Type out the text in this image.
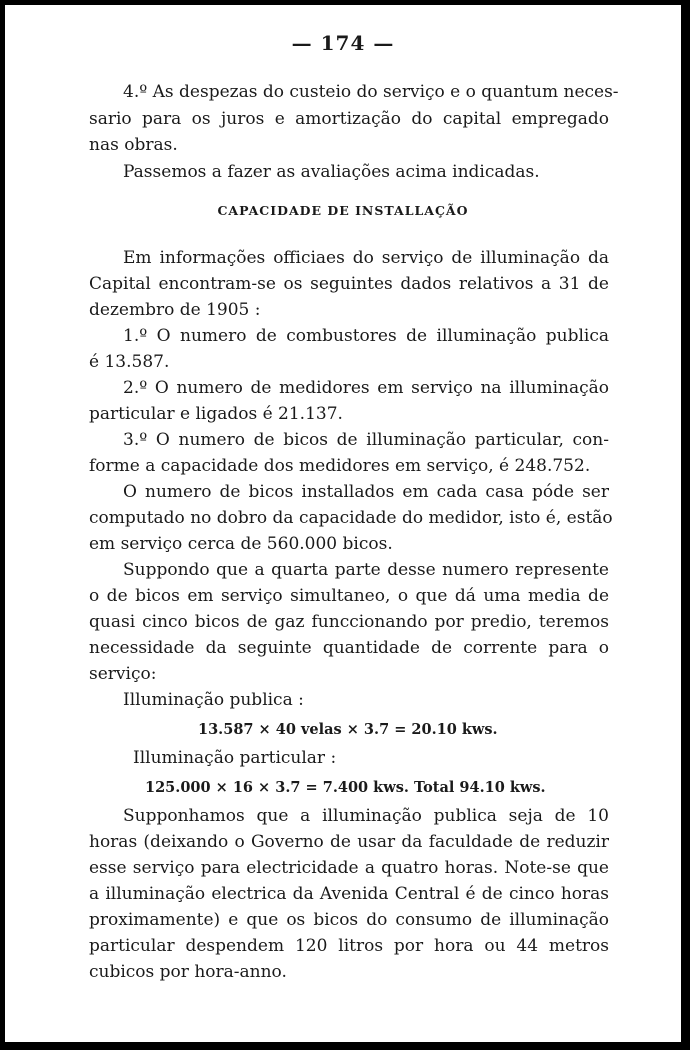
— 174 —

4.º As despezas do custeio do serviço e o quantum neces-

sario para os juros e amortização do capital empregado

nas obras.

Passemos a fazer as avaliações acima indicadas.

CAPACIDADE DE INSTALLAÇÃO

Em informações officiaes do serviço de illuminação da

Capital encontram-se os seguintes dados relativos a 31 de

dezembro de 1905 :

1.º O numero de combustores de illuminação publica

é 13.587.

2.º O numero de medidores em serviço na illuminação

particular e ligados é 21.137.

3.º O numero de bicos de illuminação particular, con-

forme a capacidade dos medidores em serviço, é 248.752.

O numero de bicos installados em cada casa póde ser

computado no dobro da capacidade do medidor, isto é, estão

em serviço cerca de 560.000 bicos.

Suppondo que a quarta parte desse numero represente

o de bicos em serviço simultaneo, o que dá uma media de

quasi cinco bicos de gaz funccionando por predio, teremos

necessidade da seguinte quantidade de corrente para o

serviço:

Illuminação publica :

13.587 × 40 velas × 3.7 = 20.10 kws.

Illuminação particular :

125.000 × 16 × 3.7 = 7.400 kws. Total 94.10 kws.

Supponhamos que a illuminação publica seja de 10

horas (deixando o Governo de usar da faculdade de reduzir

esse serviço para electricidade a quatro horas. Note-se que

a illuminação electrica da Avenida Central é de cinco horas

proximamente) e que os bicos do consumo de illuminação

particular despendem 120 litros por hora ou 44 metros

cubicos por hora-anno.
